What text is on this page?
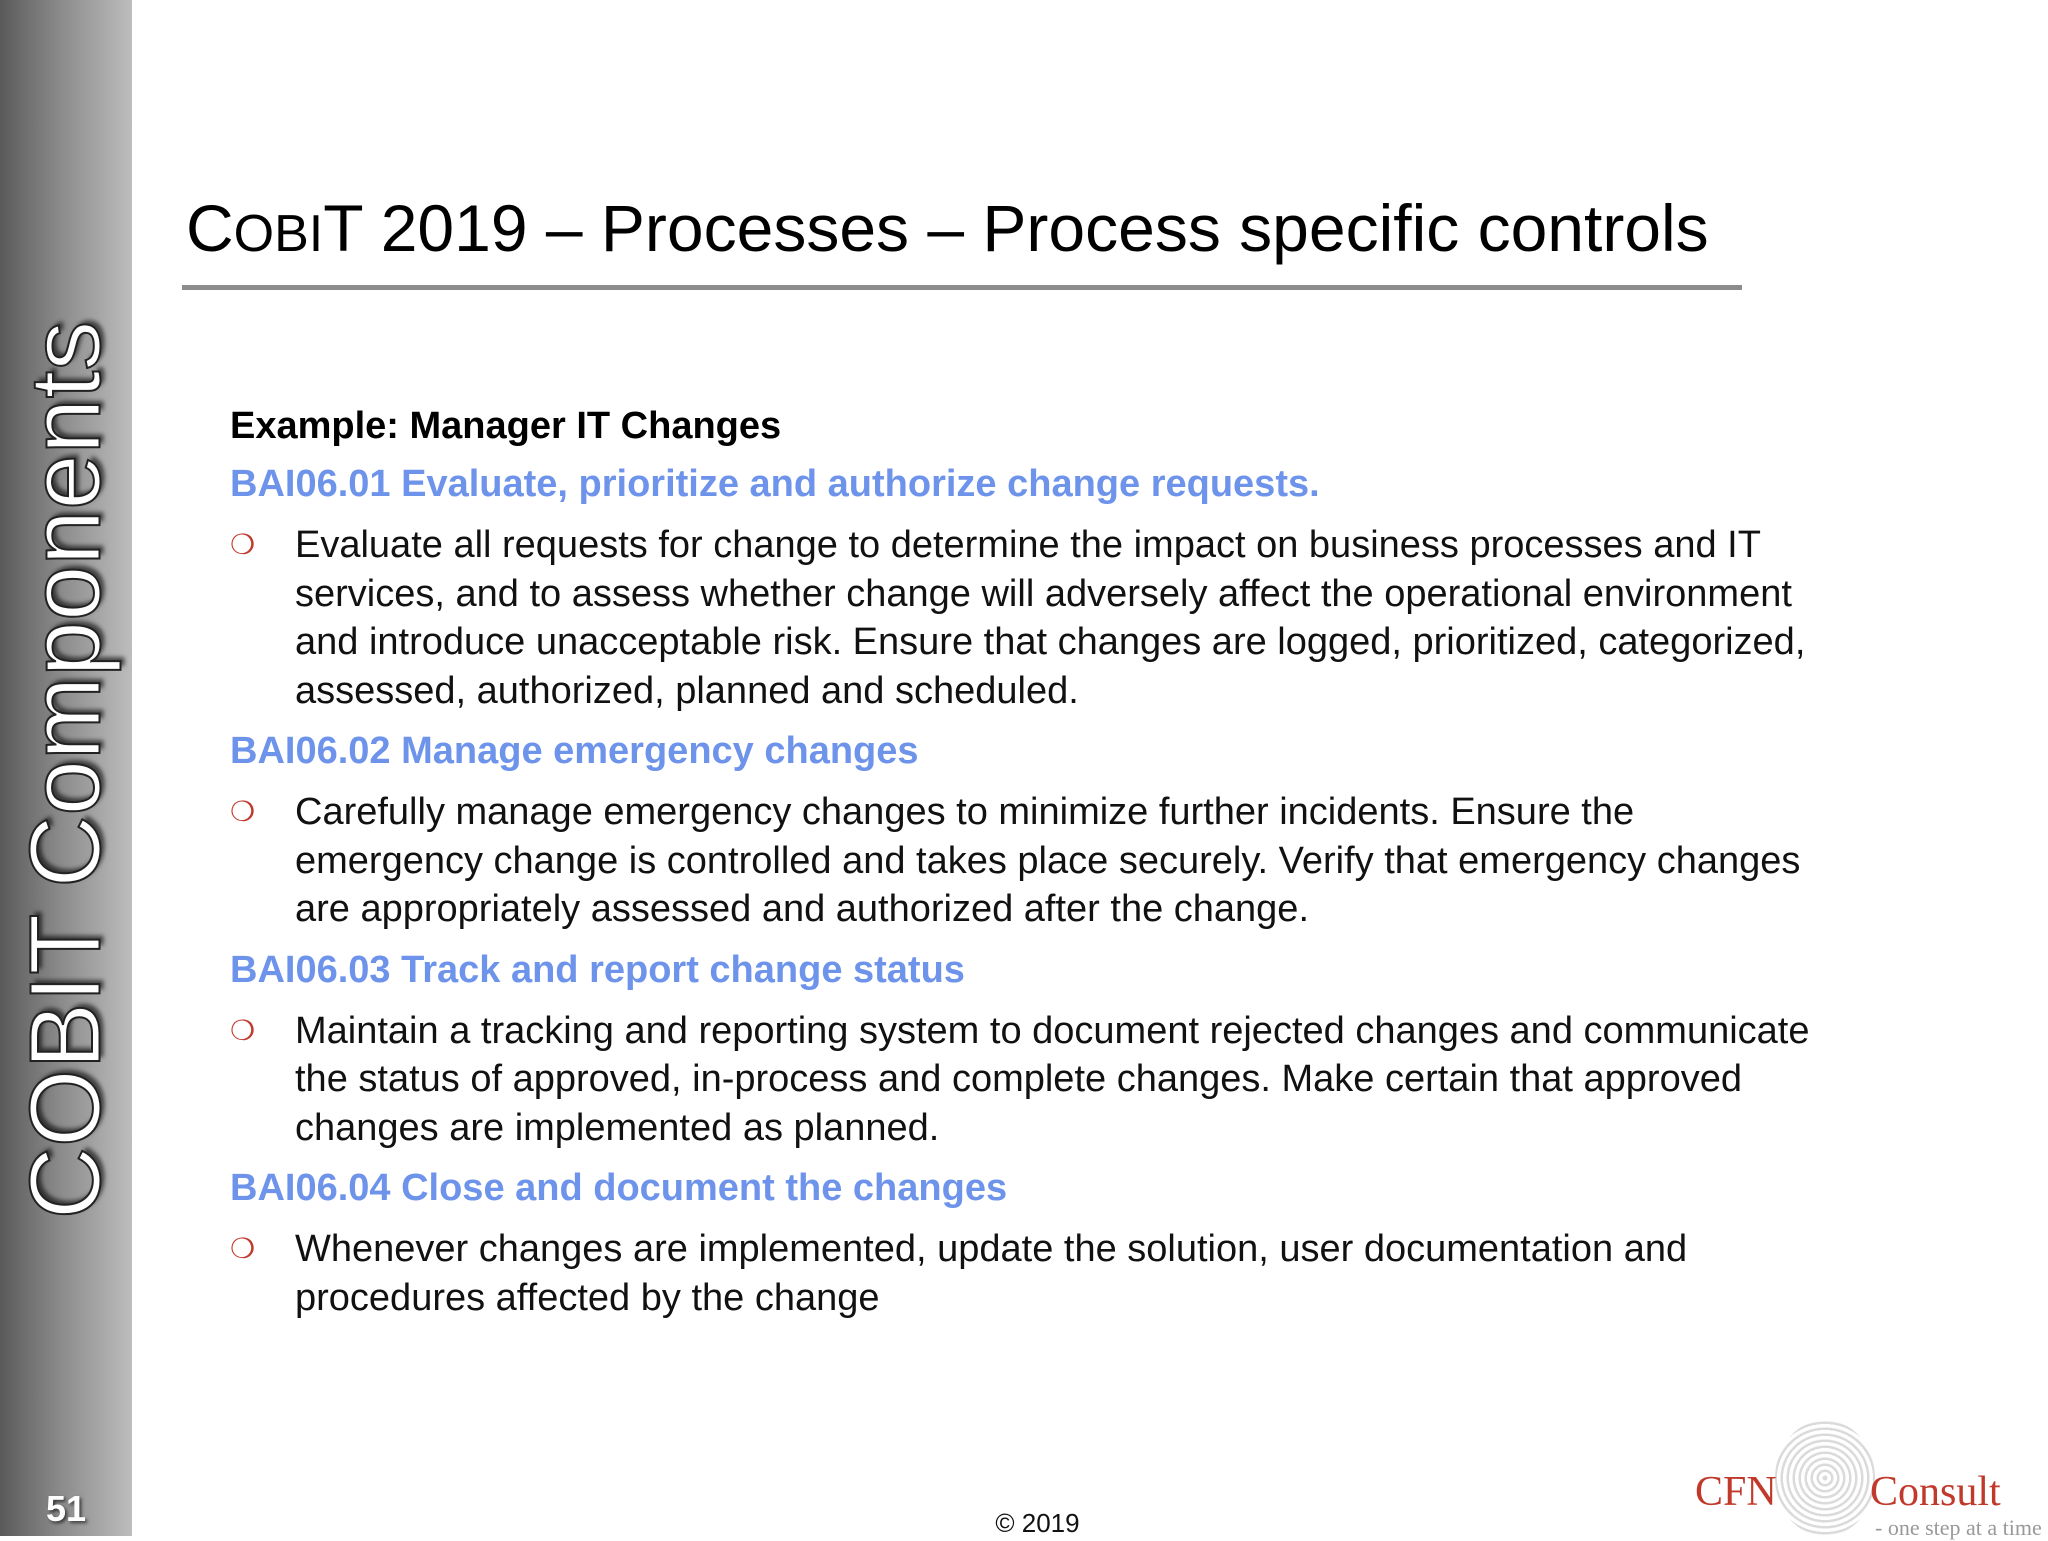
COBIT Components
51
COBIT 2019 – Processes – Process specific controls
Example: Manager IT Changes
BAI06.01 Evaluate, prioritize and authorize change requests.
❍ Evaluate all requests for change to determine the impact on business processes and IT services, and to assess whether change will adversely affect the operational environment and introduce unacceptable risk. Ensure that changes are logged, prioritized, categorized, assessed, authorized, planned and scheduled.
BAI06.02 Manage emergency changes
❍ Carefully manage emergency changes to minimize further incidents. Ensure the emergency change is controlled and takes place securely. Verify that emergency changes are appropriately assessed and authorized after the change.
BAI06.03 Track and report change status
❍ Maintain a tracking and reporting system to document rejected changes and communicate the status of approved, in-process and complete changes. Make certain that approved changes are implemented as planned.
BAI06.04 Close and document the changes
❍ Whenever changes are implemented, update the solution, user documentation and procedures affected by the change
© 2019
CFN Consult
- one step at a time
